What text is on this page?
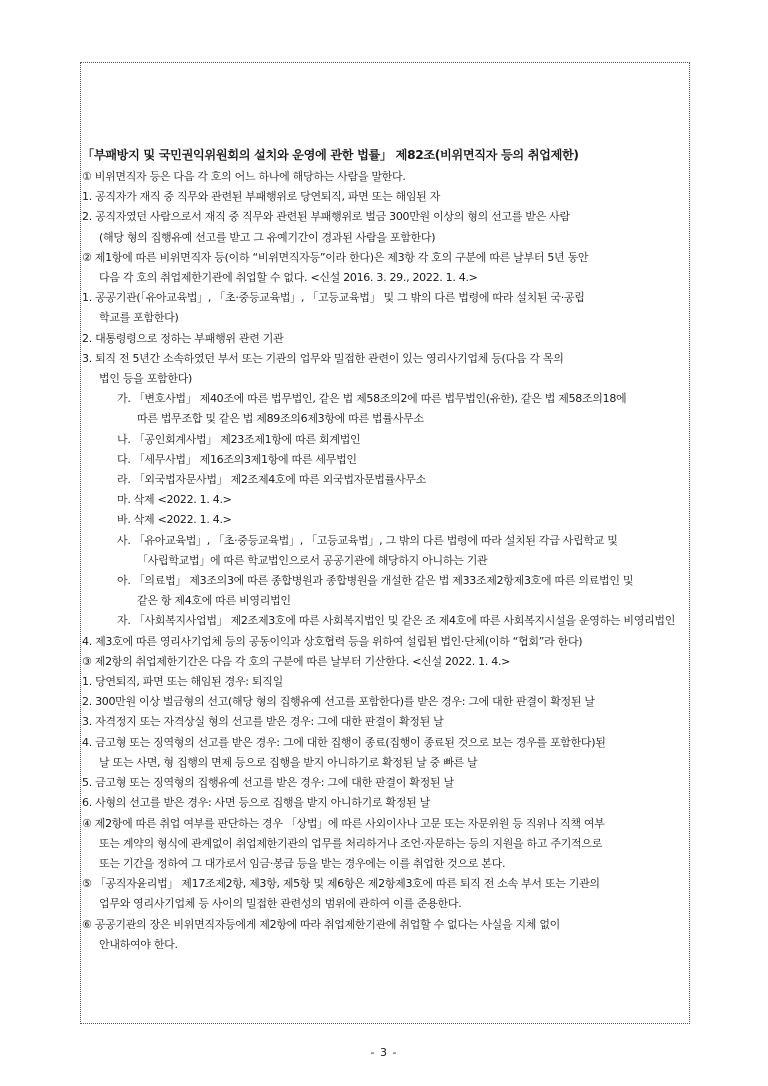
「부패방지 및 국민권익위원회의 설치와 운영에 관한 법률」 제82조(비위면직자 등의 취업제한)

① 비위면직자 등은 다음 각 호의 어느 하나에 해당하는 사람을 말한다.

1. 공직자가 재직 중 직무와 관련된 부패행위로 당연퇴직, 파면 또는 해임된 자

2. 공직자였던 사람으로서 재직 중 직무와 관련된 부패행위로 벌금 300만원 이상의 형의 선고를 받은 사람

(해당 형의 집행유예 선고를 받고 그 유예기간이 경과된 사람을 포함한다)

② 제1항에 따른 비위면직자 등(이하 “비위면직자등”이라 한다)은 제3항 각 호의 구분에 따른 날부터 5년 동안

다음 각 호의 취업제한기관에 취업할 수 없다. <신설 2016. 3. 29., 2022. 1. 4.>

1. 공공기관(「유아교육법」, 「초·중등교육법」, 「고등교육법」 및 그 밖의 다른 법령에 따라 설치된 국·공립

학교를 포함한다)

2. 대통령령으로 정하는 부패행위 관련 기관

3. 퇴직 전 5년간 소속하였던 부서 또는 기관의 업무와 밀접한 관련이 있는 영리사기업체 등(다음 각 목의

법인 등을 포함한다)

가. 「변호사법」 제40조에 따른 법무법인, 같은 법 제58조의2에 따른 법무법인(유한), 같은 법 제58조의18에

따른 법무조합 및 같은 법 제89조의6제3항에 따른 법률사무소

나. 「공인회계사법」 제23조제1항에 따른 회계법인

다. 「세무사법」 제16조의3제1항에 따른 세무법인

라. 「외국법자문사법」 제2조제4호에 따른 외국법자문법률사무소

마. 삭제 <2022. 1. 4.>

바. 삭제 <2022. 1. 4.>

사. 「유아교육법」, 「초·중등교육법」, 「고등교육법」, 그 밖의 다른 법령에 따라 설치된 각급 사립학교 및

「사립학교법」에 따른 학교법인으로서 공공기관에 해당하지 아니하는 기관

아. 「의료법」 제3조의3에 따른 종합병원과 종합병원을 개설한 같은 법 제33조제2항제3호에 따른 의료법인 및

같은 항 제4호에 따른 비영리법인

자. 「사회복지사업법」 제2조제3호에 따른 사회복지법인 및 같은 조 제4호에 따른 사회복지시설을 운영하는 비영리법인

4. 제3호에 따른 영리사기업체 등의 공동이익과 상호협력 등을 위하여 설립된 법인·단체(이하 “협회”라 한다)

③ 제2항의 취업제한기간은 다음 각 호의 구분에 따른 날부터 기산한다. <신설 2022. 1. 4.>

1. 당연퇴직, 파면 또는 해임된 경우: 퇴직일

2. 300만원 이상 벌금형의 선고(해당 형의 집행유예 선고를 포함한다)를 받은 경우: 그에 대한 판결이 확정된 날

3. 자격정지 또는 자격상실 형의 선고를 받은 경우: 그에 대한 판결이 확정된 날

4. 금고형 또는 징역형의 선고를 받은 경우: 그에 대한 집행이 종료(집행이 종료된 것으로 보는 경우를 포함한다)된

날 또는 사면, 형 집행의 면제 등으로 집행을 받지 아니하기로 확정된 날 중 빠른 날

5. 금고형 또는 징역형의 집행유예 선고를 받은 경우: 그에 대한 판결이 확정된 날

6. 사형의 선고를 받은 경우: 사면 등으로 집행을 받지 아니하기로 확정된 날

④ 제2항에 따른 취업 여부를 판단하는 경우 「상법」에 따른 사외이사나 고문 또는 자문위원 등 직위나 직책 여부

또는 계약의 형식에 관계없이 취업제한기관의 업무를 처리하거나 조언·자문하는 등의 지원을 하고 주기적으로

또는 기간을 정하여 그 대가로서 임금·봉급 등을 받는 경우에는 이를 취업한 것으로 본다.

⑤ 「공직자윤리법」 제17조제2항, 제3항, 제5항 및 제6항은 제2항제3호에 따른 퇴직 전 소속 부서 또는 기관의

업무와 영리사기업체 등 사이의 밀접한 관련성의 범위에 관하여 이를 준용한다.

⑥ 공공기관의 장은 비위면직자등에게 제2항에 따라 취업제한기관에 취업할 수 없다는 사실을 지체 없이

안내하여야 한다.

- 3 -
